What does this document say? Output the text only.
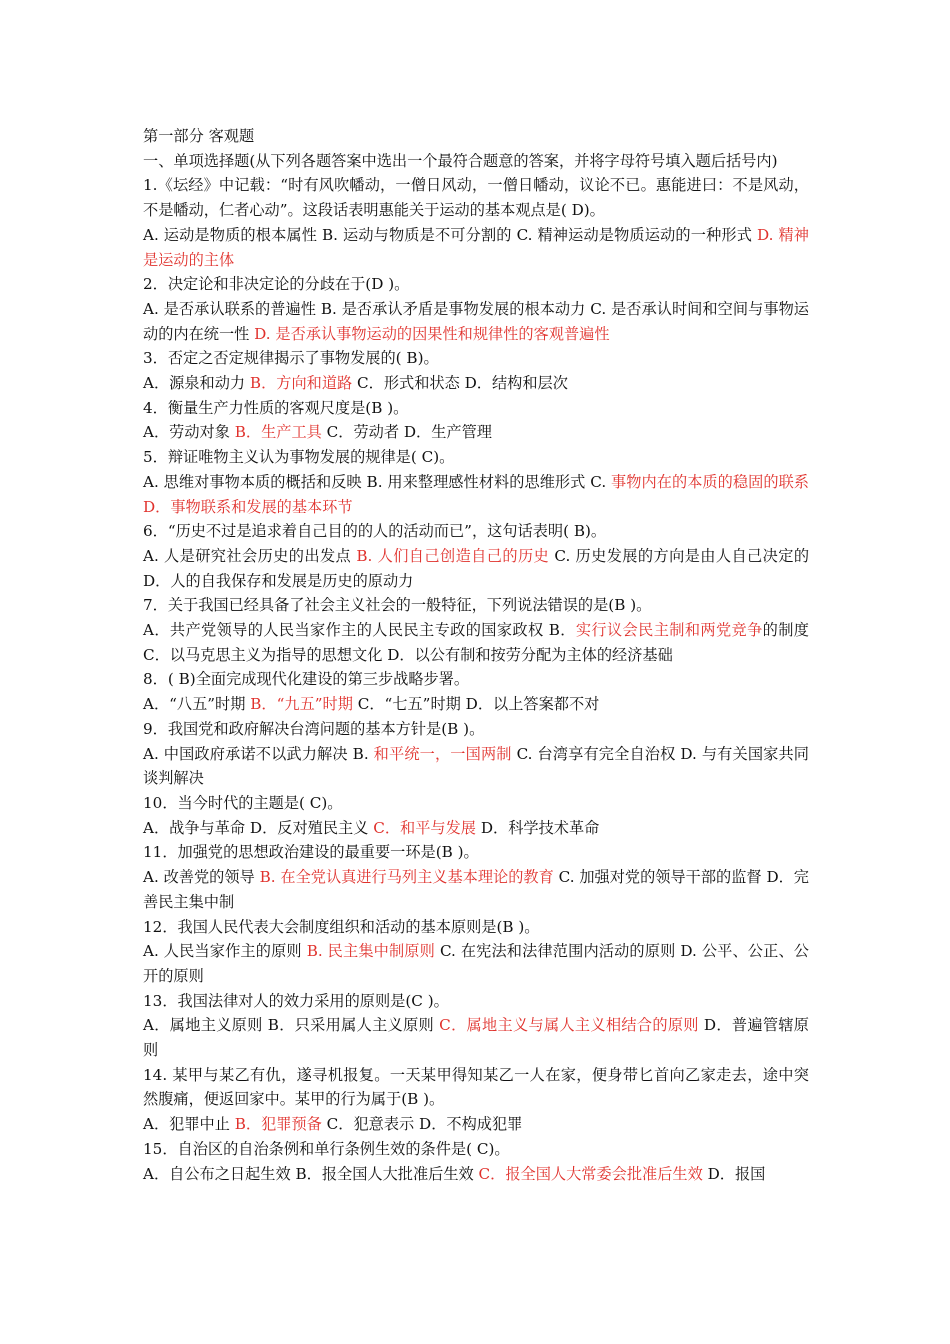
第一部分 客观题

一、单项选择题(从下列各题答案中选出一个最符合题意的答案，并将字母符号填入题后括号内)

1.《坛经》中记载：“时有风吹幡动，一僧日风动，一僧日幡动，议论不已。惠能进曰：不是风动，不是幡动，仁者心动”。这段话表明惠能关于运动的基本观点是( D)。

A. 运动是物质的根本属性 B. 运动与物质是不可分割的 C. 精神运动是物质运动的一种形式 D. 精神是运动的主体

2．决定论和非决定论的分歧在于(D )。

A. 是否承认联系的普遍性 B. 是否承认矛盾是事物发展的根本动力 C. 是否承认时间和空间与事物运动的内在统一性 D. 是否承认事物运动的因果性和规律性的客观普遍性

3．否定之否定规律揭示了事物发展的( B)。

A．源泉和动力 B．方向和道路 C．形式和状态 D．结构和层次

4．衡量生产力性质的客观尺度是(B )。

A．劳动对象 B．生产工具 C．劳动者 D．生产管理

5．辩证唯物主义认为事物发展的规律是( C)。

A. 思维对事物本质的概括和反映 B. 用来整理感性材料的思维形式 C. 事物内在的本质的稳固的联系 D．事物联系和发展的基本环节

6．“历史不过是追求着自己目的的人的活动而已”，这句话表明( B)。

A. 人是研究社会历史的出发点 B. 人们自己创造自己的历史 C. 历史发展的方向是由人自己决定的 D．人的自我保存和发展是历史的原动力

7．关于我国已经具备了社会主义社会的一般特征，下列说法错误的是(B )。

A．共产党领导的人民当家作主的人民民主专政的国家政权 B．实行议会民主制和两党竞争的制度 C．以马克思主义为指导的思想文化 D．以公有制和按劳分配为主体的经济基础

8．( B)全面完成现代化建设的第三步战略步署。

A．“八五”时期 B．“九五”时期 C．“七五”时期 D．以上答案都不对

9．我国党和政府解决台湾问题的基本方针是(B )。

A. 中国政府承诺不以武力解决 B. 和平统一，一国两制 C. 台湾享有完全自治权 D. 与有关国家共同谈判解决

10．当今时代的主题是( C)。

A．战争与革命 D．反对殖民主义 C．和平与发展 D．科学技术革命

11．加强党的思想政治建设的最重要一环是(B )。

A. 改善党的领导 B. 在全党认真进行马列主义基本理论的教育 C. 加强对党的领导干部的监督 D．完善民主集中制

12．我国人民代表大会制度组织和活动的基本原则是(B )。

A. 人民当家作主的原则 B. 民主集中制原则 C. 在宪法和法律范围内活动的原则 D. 公平、公正、公开的原则

13．我国法律对人的效力采用的原则是(C )。

A．属地主义原则 B．只采用属人主义原则 C．属地主义与属人主义相结合的原则 D．普遍管辖原则

14. 某甲与某乙有仇，遂寻机报复。一天某甲得知某乙一人在家，便身带匕首向乙家走去，途中突然腹痛，便返回家中。某甲的行为属于(B )。

A．犯罪中止 B．犯罪预备 C．犯意表示 D．不构成犯罪

15．自治区的自治条例和单行条例生效的条件是( C)。

A．自公布之日起生效 B．报全国人大批准后生效 C．报全国人大常委会批准后生效 D．报国
